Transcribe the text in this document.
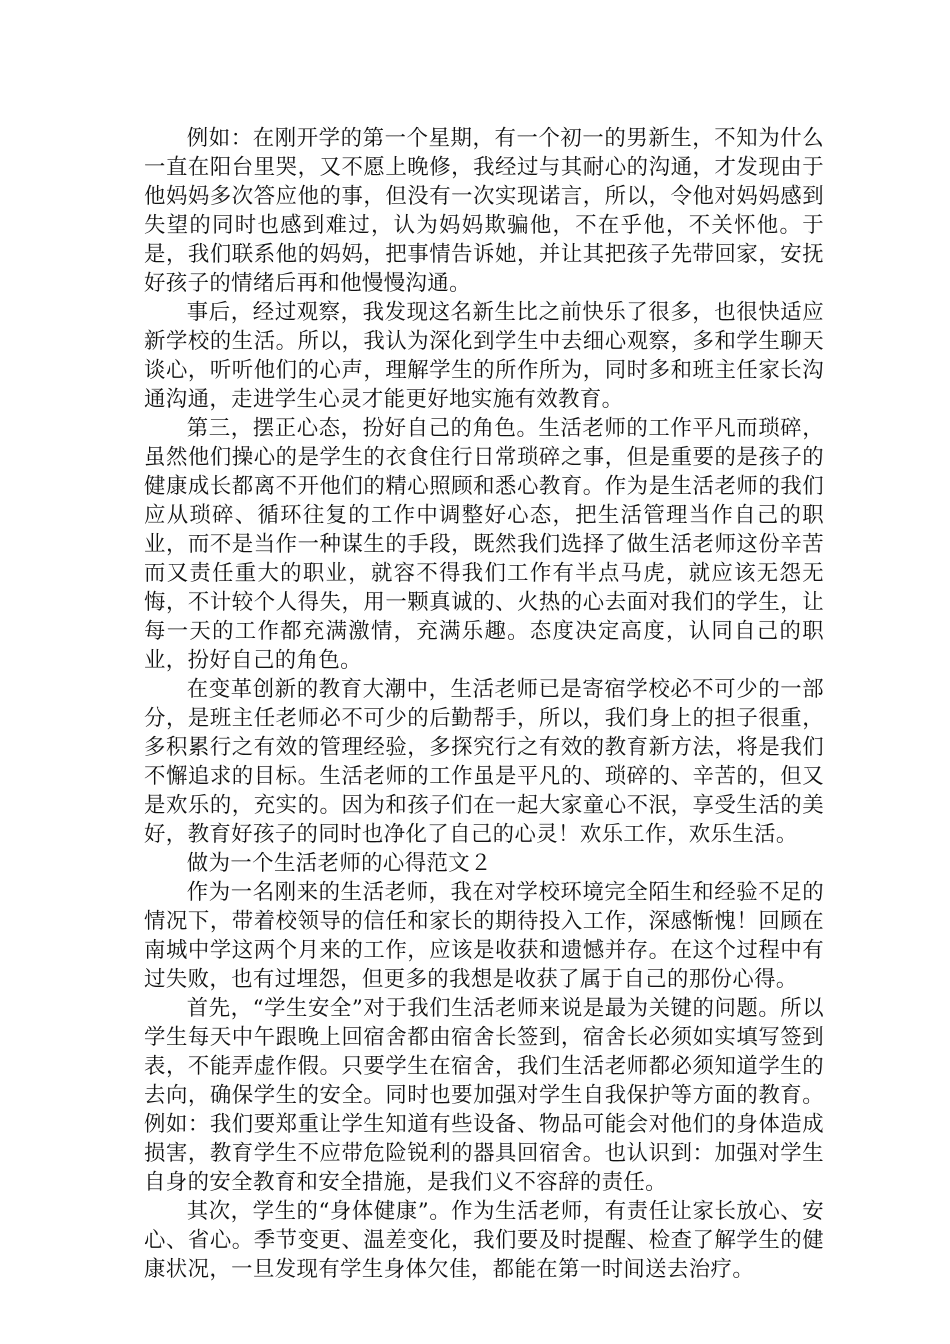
例如：在刚开学的第一个星期，有一个初一的男新生，不知为什么一直在阳台里哭，又不愿上晚修，我经过与其耐心的沟通，才发现由于他妈妈多次答应他的事，但没有一次实现诺言，所以，令他对妈妈感到失望的同时也感到难过，认为妈妈欺骗他，不在乎他，不关怀他。于是，我们联系他的妈妈，把事情告诉她，并让其把孩子先带回家，安抚好孩子的情绪后再和他慢慢沟通。

事后，经过观察，我发现这名新生比之前快乐了很多，也很快适应新学校的生活。所以，我认为深化到学生中去细心观察，多和学生聊天谈心，听听他们的心声，理解学生的所作所为，同时多和班主任家长沟通沟通，走进学生心灵才能更好地实施有效教育。

第三，摆正心态，扮好自己的角色。生活老师的工作平凡而琐碎，虽然他们操心的是学生的衣食住行日常琐碎之事，但是重要的是孩子的健康成长都离不开他们的精心照顾和悉心教育。作为是生活老师的我们应从琐碎、循环往复的工作中调整好心态，把生活管理当作自己的职业，而不是当作一种谋生的手段，既然我们选择了做生活老师这份辛苦而又责任重大的职业，就容不得我们工作有半点马虎，就应该无怨无悔，不计较个人得失，用一颗真诚的、火热的心去面对我们的学生，让每一天的工作都充满激情，充满乐趣。态度决定高度，认同自己的职业，扮好自己的角色。

在变革创新的教育大潮中，生活老师已是寄宿学校必不可少的一部分，是班主任老师必不可少的后勤帮手，所以，我们身上的担子很重，多积累行之有效的管理经验，多探究行之有效的教育新方法，将是我们不懈追求的目标。生活老师的工作虽是平凡的、琐碎的、辛苦的，但又是欢乐的，充实的。因为和孩子们在一起大家童心不泯，享受生活的美好，教育好孩子的同时也净化了自己的心灵！欢乐工作，欢乐生活。

做为一个生活老师的心得范文２

作为一名刚来的生活老师，我在对学校环境完全陌生和经验不足的情况下，带着校领导的信任和家长的期待投入工作，深感惭愧！回顾在南城中学这两个月来的工作，应该是收获和遗憾并存。在这个过程中有过失败，也有过埋怨，但更多的我想是收获了属于自己的那份心得。

首先，“学生安全”对于我们生活老师来说是最为关键的问题。所以学生每天中午跟晚上回宿舍都由宿舍长签到，宿舍长必须如实填写签到表，不能弄虚作假。只要学生在宿舍，我们生活老师都必须知道学生的去向，确保学生的安全。同时也要加强对学生自我保护等方面的教育。例如：我们要郑重让学生知道有些设备、物品可能会对他们的身体造成损害，教育学生不应带危险锐利的器具回宿舍。也认识到：加强对学生自身的安全教育和安全措施，是我们义不容辞的责任。

其次，学生的“身体健康”。作为生活老师，有责任让家长放心、安心、省心。季节变更、温差变化，我们要及时提醒、检查了解学生的健康状况，一旦发现有学生身体欠佳，都能在第一时间送去治疗。
